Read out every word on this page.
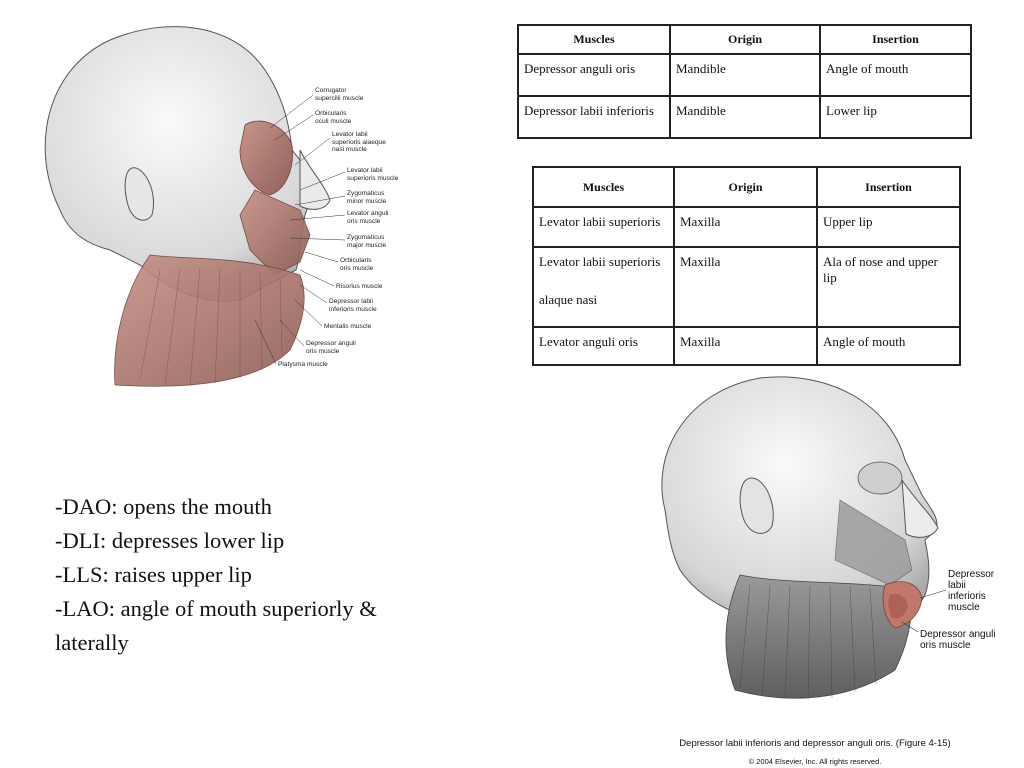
Corrugator
supercilii muscle
Orbicularis
oculi muscle
Levator labii
superioris alaeque
nasi muscle
Levator labii
superioris muscle
Zygomaticus
minor muscle
Levator anguli
oris muscle
Zygomaticus
major muscle
Orbicularis
oris muscle
Risorius muscle
Depressor labii
inferioris muscle
Mentalis muscle
Depressor anguli
oris muscle
Platysma muscle
Muscles	Origin	Insertion
Depressor anguli oris	Mandible	Angle of mouth
Depressor labii inferioris	Mandible	Lower lip
Muscles	Origin	Insertion
Levator labii superioris	Maxilla	Upper lip
Levator labii superioris
alaque nasi	Maxilla	Ala of nose and upper lip
Levator anguli oris	Maxilla	Angle of mouth
-DAO: opens the mouth
-DLI: depresses lower lip
-LLS: raises upper lip
-LAO: angle of mouth superiorly &
laterally
Depressor
labii
inferioris
muscle
Depressor anguli
oris muscle
Depressor labii inferioris and depressor anguli oris. (Figure 4-15)
© 2004 Elsevier, Inc. All rights reserved.
